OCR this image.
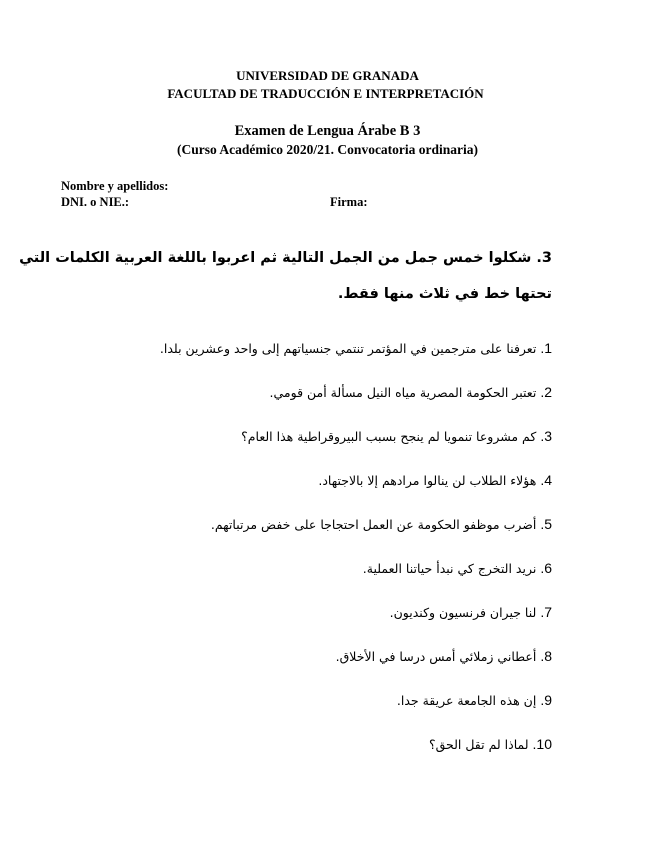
UNIVERSIDAD DE GRANADA
FACULTAD DE TRADUCCIÓN E INTERPRETACIÓN
Examen de Lengua Árabe B 3
(Curso Académico 2020/21. Convocatoria ordinaria)
Nombre y apellidos:
DNI. o NIE.:	Firma:
3. شكلوا خمس جمل من الجمل التالية ثم اعربوا باللغة العربية الكلمات التي
تحتها خط في ثلاث منها فقط.
1. تعرفنا على مترجمين في المؤتمر تنتمي جنسياتهم إلى واحد وعشرين بلدا.
2. تعتبر الحكومة المصرية مياه النيل مسألة أمن قومي.
3. كم مشروعا تنمويا لم ينجح بسبب البيروقراطية هذا العام؟
4. هؤلاء الطلاب لن ينالوا مرادهم إلا بالاجتهاد.
5. أضرب موظفو الحكومة عن العمل احتجاجا على خفض مرتباتهم.
6. نريد التخرج كي نبدأ حياتنا العملية.
7. لنا جيران فرنسيون وكنديون.
8. أعطاني زملائي أمس درسا في الأخلاق.
9. إن هذه الجامعة عريقة جدا.
10. لماذا لم تقل الحق؟
